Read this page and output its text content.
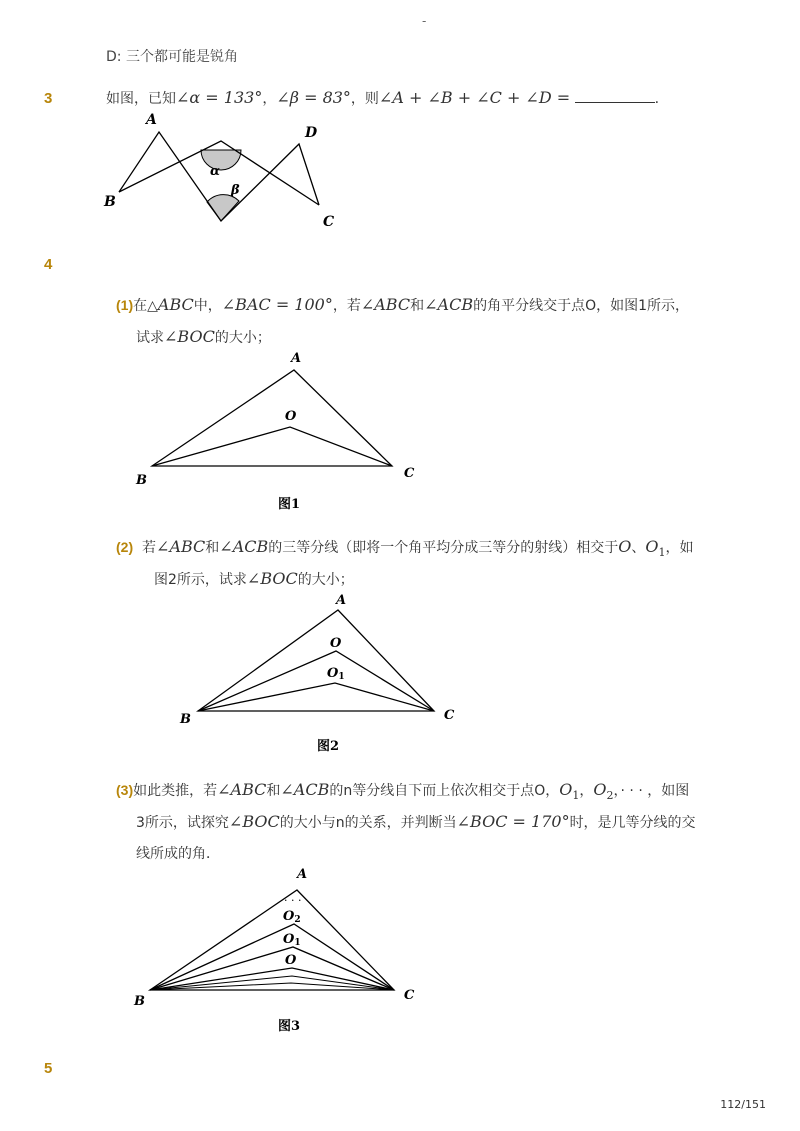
-
D: 三个都可能是锐角
3	如图，已知∠α = 133°，∠β = 83°，则∠A + ∠B + ∠C + ∠D =	.
A
B
C
D
α
β
4
(1)在△ABC中，∠BAC = 100°，若∠ABC和∠ACB的角平分线交于点O，如图1所示，
试求∠BOC的大小；
A
O
B	C
图1
(2) 若∠ABC和∠ACB的三等分线（即将一个角平均分成三等分的射线）相交于O、$O_1$，如
图2所示，试求∠BOC的大小；
A
O
O1
B	C
图2
(3)如此类推，若∠ABC和∠ACB的n等分线自下而上依次相交于点O，$O_1$，$O_2$，· · · ，如图
3所示，试探究∠BOC的大小与n的关系，并判断当∠BOC = 170°时，是几等分线的交
线所成的角．
A
· · ·
O2
O1
O
B	C
图3
5
112/151
